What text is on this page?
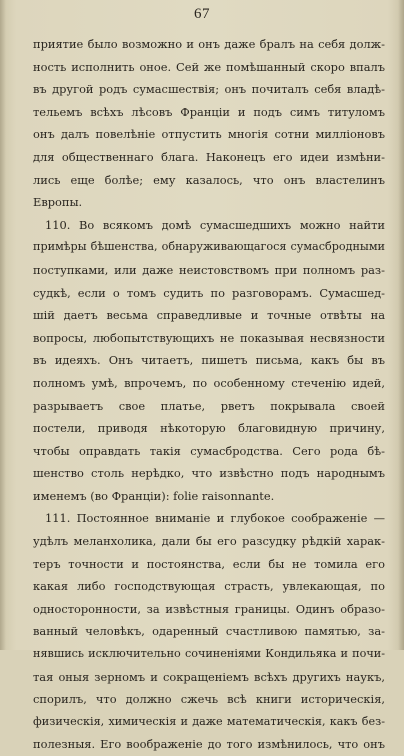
67
приятие было возможно и онъ даже бралъ на себя долж-
ность исполнить оное. Сей же помѣшанный скоро впалъ
въ другой родъ сумасшествія; онъ почиталъ себя владѣ-
тельемъ всѣхъ лѣсовъ Франціи и подъ симъ титуломъ
онъ далъ повелѣніе отпустить многія сотни милліоновъ
для общественнаго блага. Наконецъ его идеи измѣни-
лись еще болѣе; ему казалось, что онъ властелинъ
Европы.
110. Во всякомъ домѣ сумасшедшихъ можно найти
примѣры бѣшенства, обнаруживающагося сумасбродными
поступками, или даже неистовствомъ при полномъ раз-
судкѣ, если о томъ судить по разговорамъ. Сумасшед-
шій даетъ весьма справедливые и точные отвѣты на
вопросы, любопытствующихъ не показывая несвязности
въ идеяхъ. Онъ читаетъ, пишетъ письма, какъ бы въ
полномъ умѣ, впрочемъ, по особенному стеченію идей,
разрываетъ свое платье, рветъ покрывала своей
постели, приводя нѣкоторую благовидную причину,
чтобы оправдать такія сумасбродства. Сего рода бѣ-
шенство столь нерѣдко, что извѣстно подъ народнымъ
именемъ (во Франціи): folie raisonnante.
111. Постоянное вниманіе и глубокое соображеніе —
удѣлъ меланхолика, дали бы его разсудку рѣдкій харак-
теръ точности и постоянства, если бы не томила его
какая либо господствующая страсть, увлекающая, по
односторонности, за извѣстныя границы. Одинъ образо-
ванный человѣкъ, одаренный счастливою памятью, за-
нявшись исключительно сочиненіями Кондильяка и почи-
тая оныя зерномъ и сокращеніемъ всѣхъ другихъ наукъ,
спорилъ, что должно сжечь всѣ книги историческія,
физическія, химическія и даже математическія, какъ без-
полезныя. Его воображеніе до того измѣнилось, что онъ
